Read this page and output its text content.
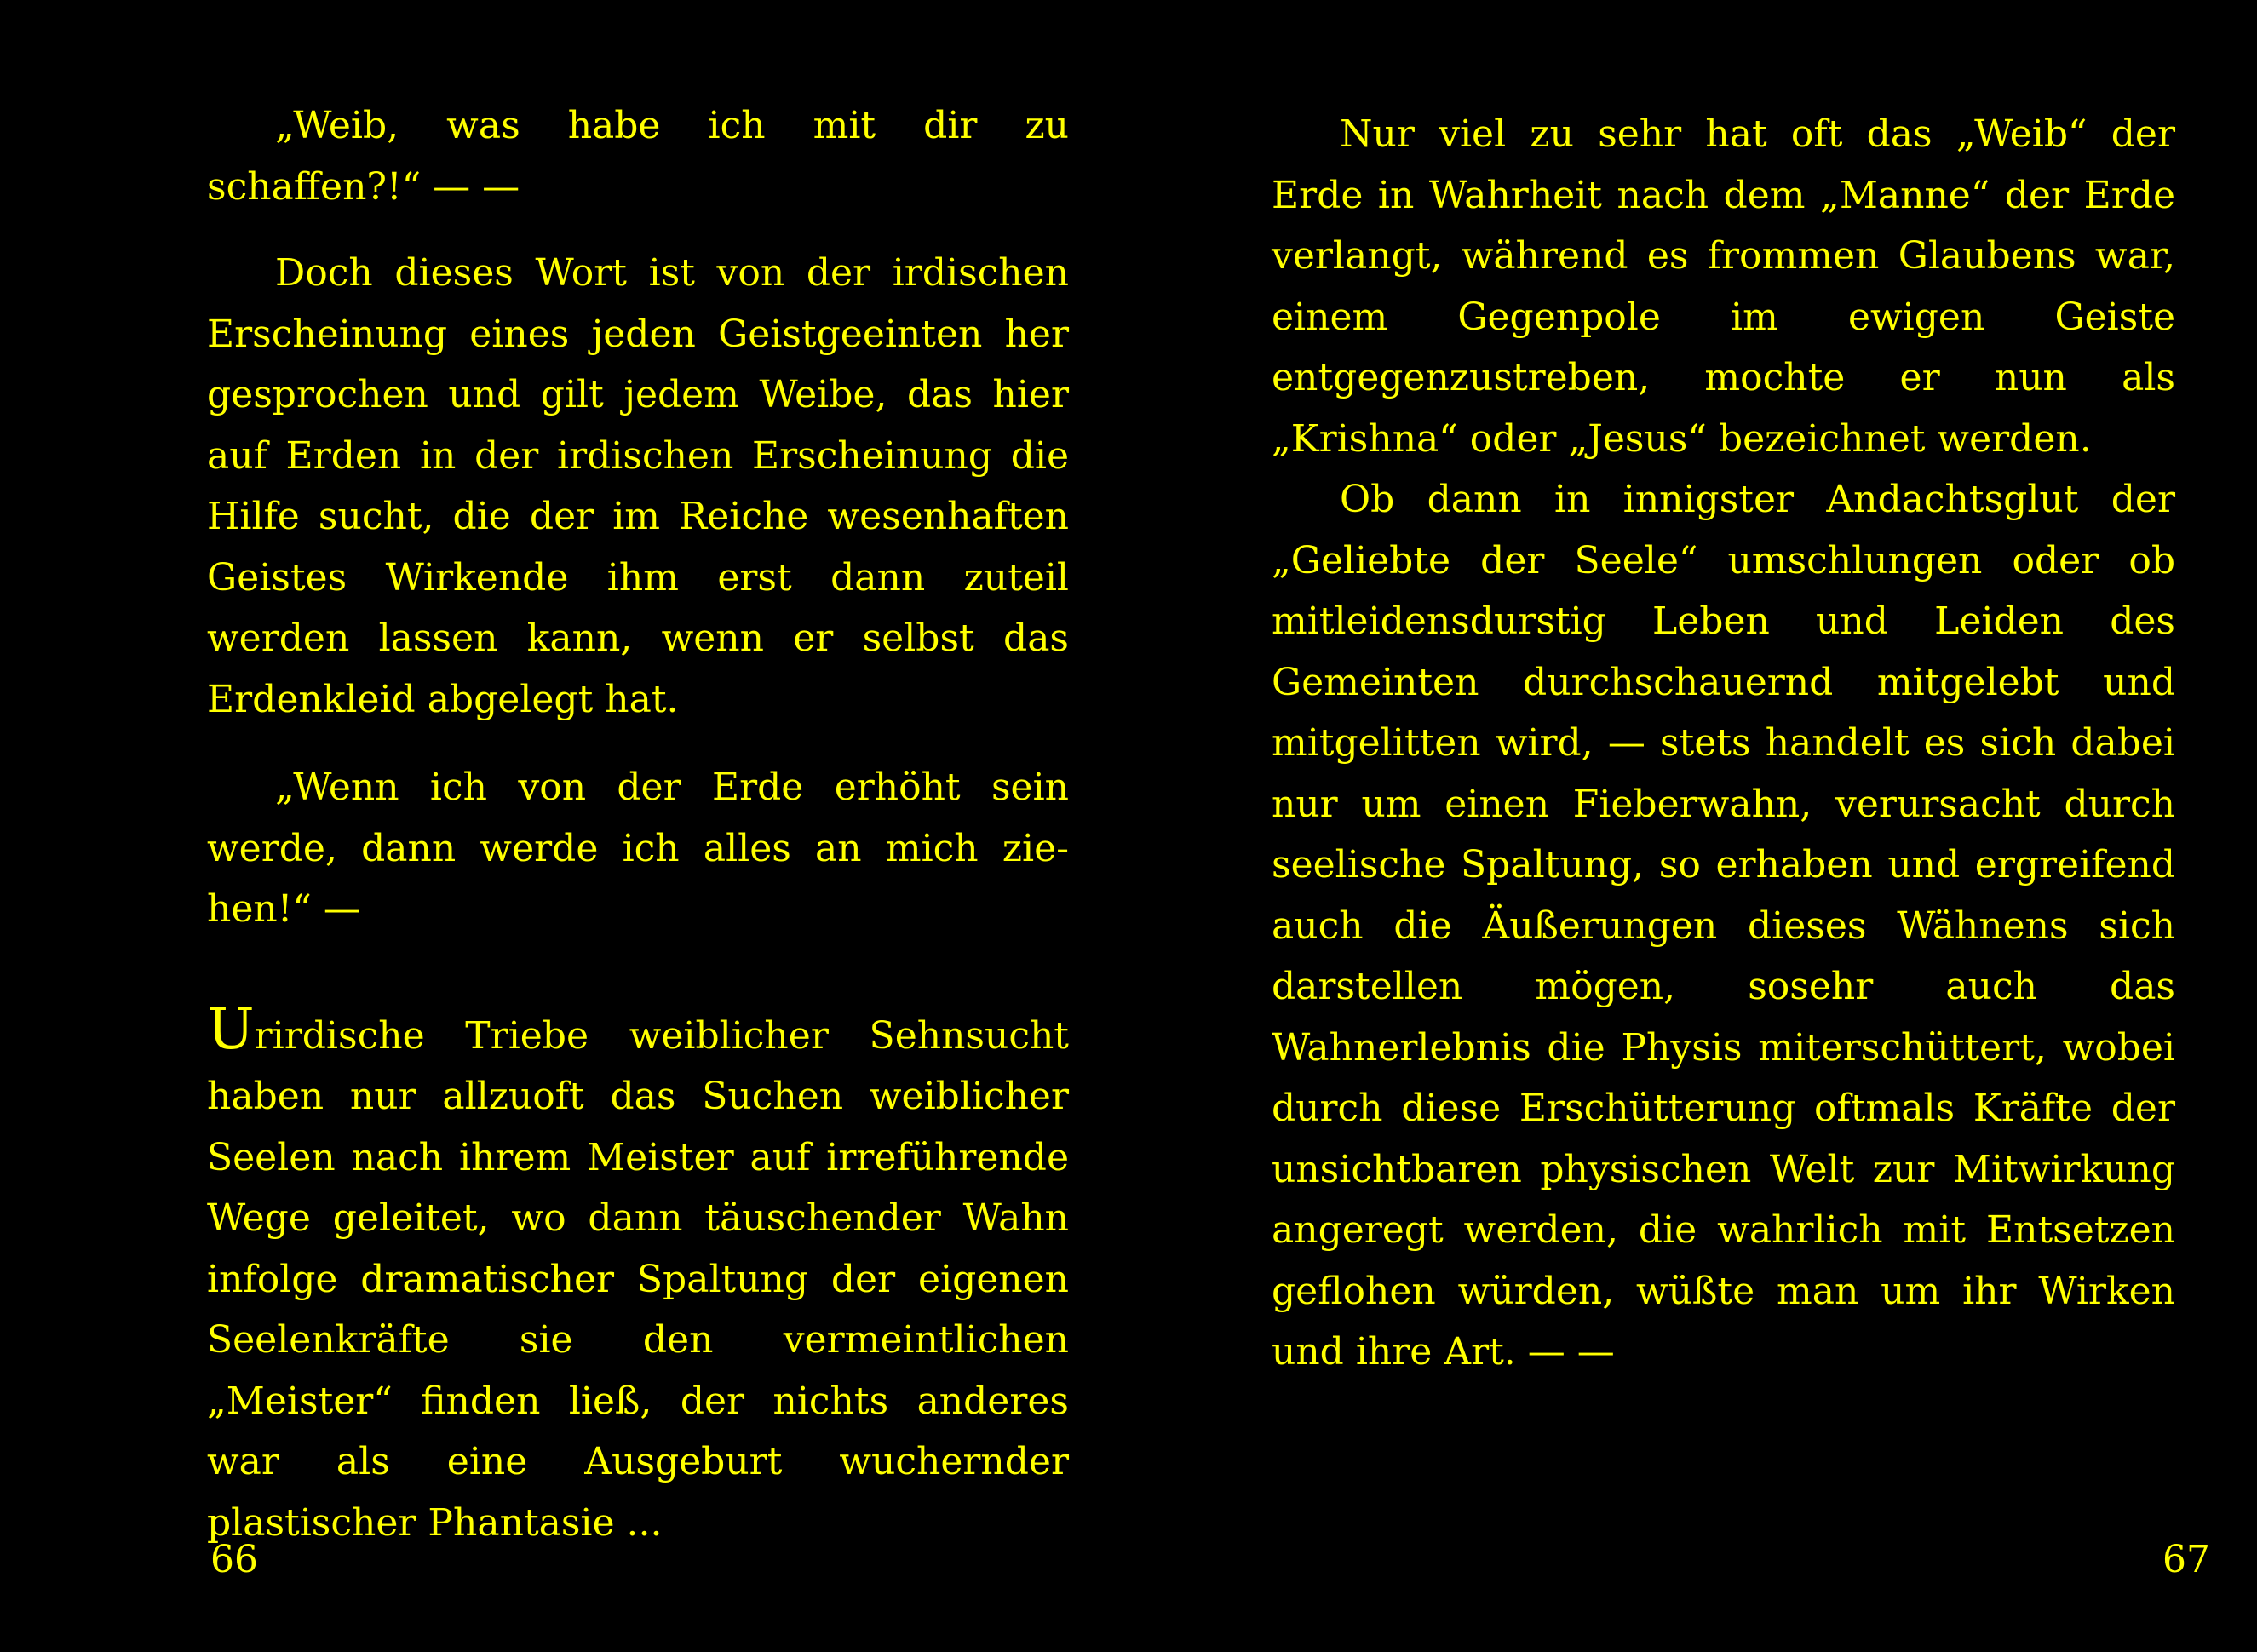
„Weib, was habe ich mit dir zu schaffen?!“ — —

Doch dieses Wort ist von der irdischen Erscheinung eines jeden Geistgeeinten her gesprochen und gilt jedem Weibe, das hier auf Erden in der irdischen Erscheinung die Hilfe sucht, die der im Reiche wesenhaften Geistes Wirkende ihm erst dann zuteil werden lassen kann, wenn er selbst das Erdenkleid abgelegt hat.

„Wenn ich von der Erde erhöht sein werde, dann werde ich alles an mich ziehen!“ —

Urirdische Triebe weiblicher Sehnsucht haben nur allzuoft das Suchen weiblicher Seelen nach ihrem Meister auf irreführende Wege geleitet, wo dann täuschender Wahn infolge dramatischer Spaltung der eigenen Seelenkräfte sie den vermeintlichen „Meister“ finden ließ, der nichts anderes war als eine Ausgeburt wuchernder plastischer Phantasie ...

66

Nur viel zu sehr hat oft das „Weib“ der Erde in Wahrheit nach dem „Manne“ der Erde verlangt, während es frommen Glaubens war, einem Gegenpole im ewigen Geiste entgegenzustreben, mochte er nun als „Krishna“ oder „Jesus“ bezeichnet werden.

Ob dann in innigster Andachtsglut der „Geliebte der Seele“ umschlungen oder ob mitleidensdurstig Leben und Leiden des Gemeinten durchschauernd mitgelebt und mitgelitten wird, — stets handelt es sich dabei nur um einen Fieberwahn, verursacht durch seelische Spaltung, so erhaben und ergreifend auch die Äußerungen dieses Wähnens sich darstellen mögen, sosehr auch das Wahnerlebnis die Physis miterschüttert, wobei durch diese Erschütterung oftmals Kräfte der unsichtbaren physischen Welt zur Mitwirkung angeregt werden, die wahrlich mit Entsetzen geflohen würden, wüßte man um ihr Wirken und ihre Art. — —

67
